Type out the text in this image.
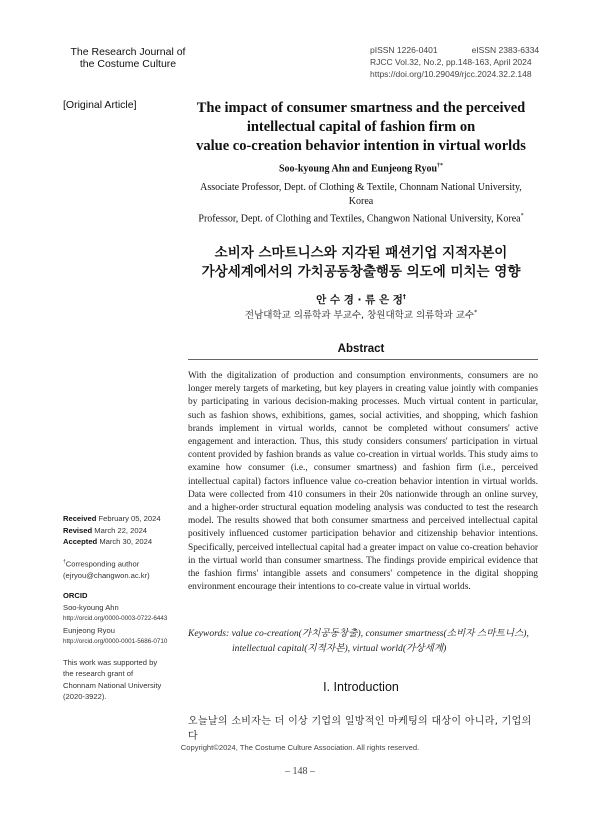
The Research Journal of
the Costume Culture
pISSN 1226-0401	eISSN 2383-6334
RJCC Vol.32, No.2, pp.148-163, April 2024
https://doi.org/10.29049/rjcc.2024.32.2.148
[Original Article]	The impact of consumer smartness and the perceived
intellectual capital of fashion firm on
value co-creation behavior intention in virtual worlds
Soo-kyoung Ahn and Eunjeong Ryou†*
Associate Professor, Dept. of Clothing & Textile, Chonnam National University,
Korea
Professor, Dept. of Clothing and Textiles, Changwon National University, Korea*
소비자 스마트니스와 지각된 패션기업 지적자본이
가상세계에서의 가치공동창출행동 의도에 미치는 영향
안 수 경 · 류 은 정†
전남대학교 의류학과 부교수, 창원대학교 의류학과 교수*
Abstract
With the digitalization of production and consumption environments, consumers are no longer merely targets of marketing, but key players in creating value jointly with companies by participating in various decision-making processes. Much virtual content in particular, such as fashion shows, exhibitions, games, social activities, and shopping, which fashion brands implement in virtual worlds, cannot be completed without consumers' active engagement and interaction. Thus, this study considers consumers' participation in virtual content provided by fashion brands as value co-creation in virtual worlds. This study aims to examine how consumer (i.e., consumer smartness) and fashion firm (i.e., perceived intellectual capital) factors influence value co-creation behavior intention in virtual worlds. Data were collected from 410 consumers in their 20s nationwide through an online survey, and a higher-order structural equation modeling analysis was conducted to test the research model. The results showed that both consumer smartness and perceived intellectual capital positively influenced customer participation behavior and citizenship behavior intentions. Specifically, perceived intellectual capital had a greater impact on value co-creation behavior in the virtual world than consumer smartness. The findings provide empirical evidence that the fashion firms' intangible assets and consumers' competence in the digital shopping environment encourage their intentions to co-create value in virtual worlds.
Keywords: value co-creation(가치공동창출), consumer smartness(소비자 스마트니스),
intellectual capital(지적자본), virtual world(가상세계)
Received February 05, 2024
Revised March 22, 2024
Accepted March 30, 2024
†Corresponding author
(ejryou@changwon.ac.kr)
ORCID
Soo-kyoung Ahn
http://orcid.org/0000-0003-0722-6443
Eunjeong Ryou
http://orcid.org/0000-0001-5686-0710
This work was supported by
the research grant of
Chonnam National University
(2020-3922).
I. Introduction
오늘날의 소비자는 더 이상 기업의 일방적인 마케팅의 대상이 아니라, 기업의 다
Copyright©2024, The Costume Culture Association. All rights reserved.
– 148 –
